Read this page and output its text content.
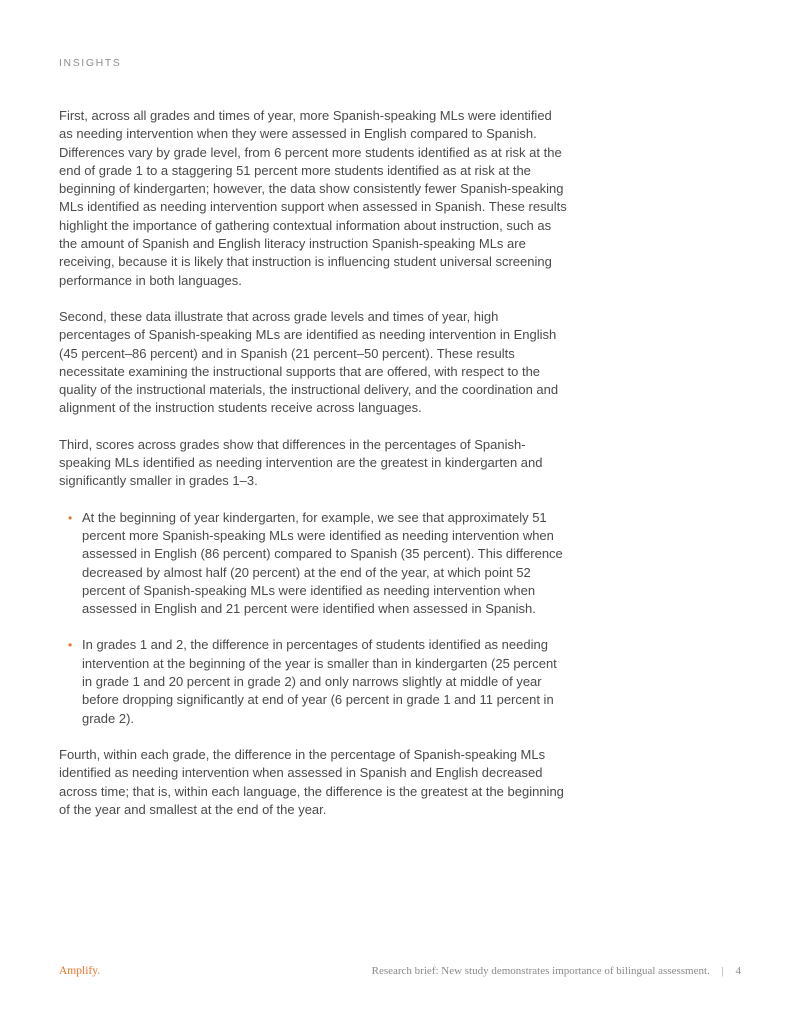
INSIGHTS

First, across all grades and times of year, more Spanish-speaking MLs were identified as needing intervention when they were assessed in English compared to Spanish. Differences vary by grade level, from 6 percent more students identified as at risk at the end of grade 1 to a staggering 51 percent more students identified as at risk at the beginning of kindergarten; however, the data show consistently fewer Spanish-speaking MLs identified as needing intervention support when assessed in Spanish. These results highlight the importance of gathering contextual information about instruction, such as the amount of Spanish and English literacy instruction Spanish-speaking MLs are receiving, because it is likely that instruction is influencing student universal screening performance in both languages.

Second, these data illustrate that across grade levels and times of year, high percentages of Spanish-speaking MLs are identified as needing intervention in English (45 percent–86 percent) and in Spanish (21 percent–50 percent). These results necessitate examining the instructional supports that are offered, with respect to the quality of the instructional materials, the instructional delivery, and the coordination and alignment of the instruction students receive across languages.

Third, scores across grades show that differences in the percentages of Spanish-speaking MLs identified as needing intervention are the greatest in kindergarten and significantly smaller in grades 1–3.

• At the beginning of year kindergarten, for example, we see that approximately 51 percent more Spanish-speaking MLs were identified as needing intervention when assessed in English (86 percent) compared to Spanish (35 percent). This difference decreased by almost half (20 percent) at the end of the year, at which point 52 percent of Spanish-speaking MLs were identified as needing intervention when assessed in English and 21 percent were identified when assessed in Spanish.
• In grades 1 and 2, the difference in percentages of students identified as needing intervention at the beginning of the year is smaller than in kindergarten (25 percent in grade 1 and 20 percent in grade 2) and only narrows slightly at middle of year before dropping significantly at end of year (6 percent in grade 1 and 11 percent in grade 2).

Fourth, within each grade, the difference in the percentage of Spanish-speaking MLs identified as needing intervention when assessed in Spanish and English decreased across time; that is, within each language, the difference is the greatest at the beginning of the year and smallest at the end of the year.

Amplify.	Research brief: New study demonstrates importance of bilingual assessment. | 4
